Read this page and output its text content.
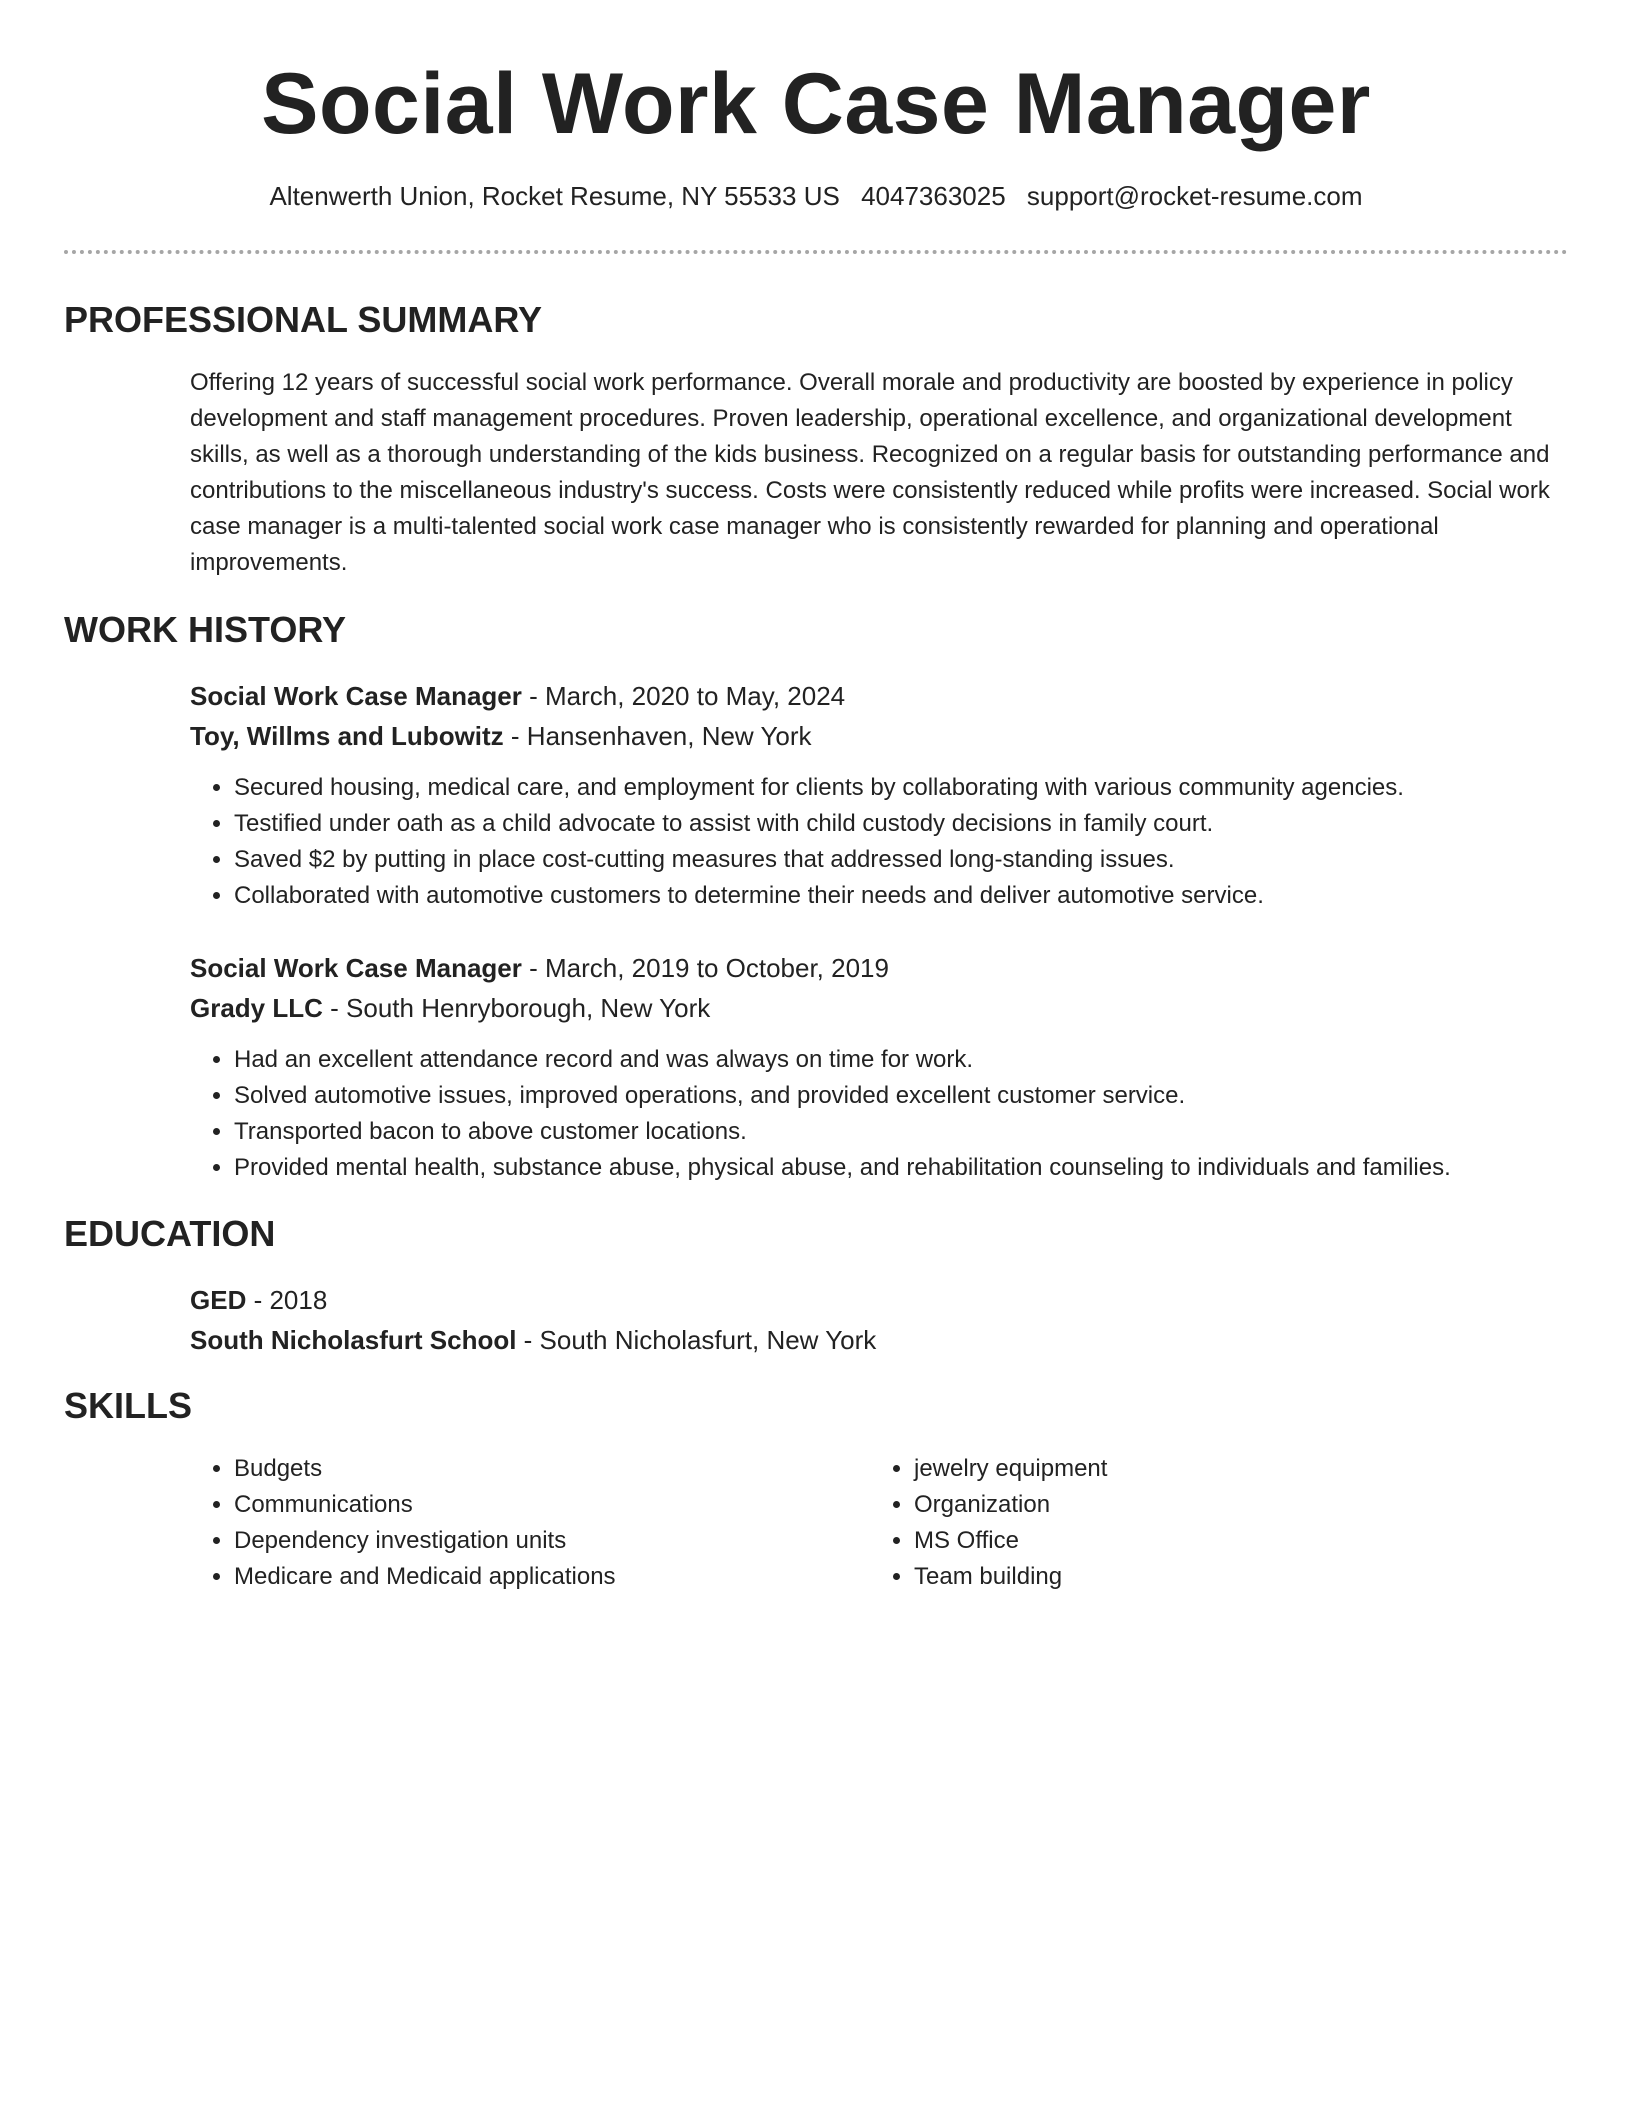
Social Work Case Manager
Altenwerth Union, Rocket Resume, NY 55533 US 4047363025 support@rocket-resume.com
PROFESSIONAL SUMMARY

Offering 12 years of successful social work performance. Overall morale and productivity are boosted by experience in policy development and staff management procedures. Proven leadership, operational excellence, and organizational development skills, as well as a thorough understanding of the kids business. Recognized on a regular basis for outstanding performance and contributions to the miscellaneous industry's success. Costs were consistently reduced while profits were increased. Social work case manager is a multi-talented social work case manager who is consistently rewarded for planning and operational improvements.

WORK HISTORY

Social Work Case Manager - March, 2020 to May, 2024

Toy, Willms and Lubowitz - Hansenhaven, New York

• Secured housing, medical care, and employment for clients by collaborating with various community agencies.
• Testified under oath as a child advocate to assist with child custody decisions in family court.
• Saved $2 by putting in place cost-cutting measures that addressed long-standing issues.
• Collaborated with automotive customers to determine their needs and deliver automotive service.

Social Work Case Manager - March, 2019 to October, 2019

Grady LLC - South Henryborough, New York

• Had an excellent attendance record and was always on time for work.
• Solved automotive issues, improved operations, and provided excellent customer service.
• Transported bacon to above customer locations.
• Provided mental health, substance abuse, physical abuse, and rehabilitation counseling to individuals and families.
EDUCATION

GED - 2018

South Nicholasfurt School - South Nicholasfurt, New York

SKILLS
• Budgets
• Communications
• Dependency investigation units
• Medicare and Medicaid applications
• jewelry equipment
• Organization
• MS Office
• Team building
